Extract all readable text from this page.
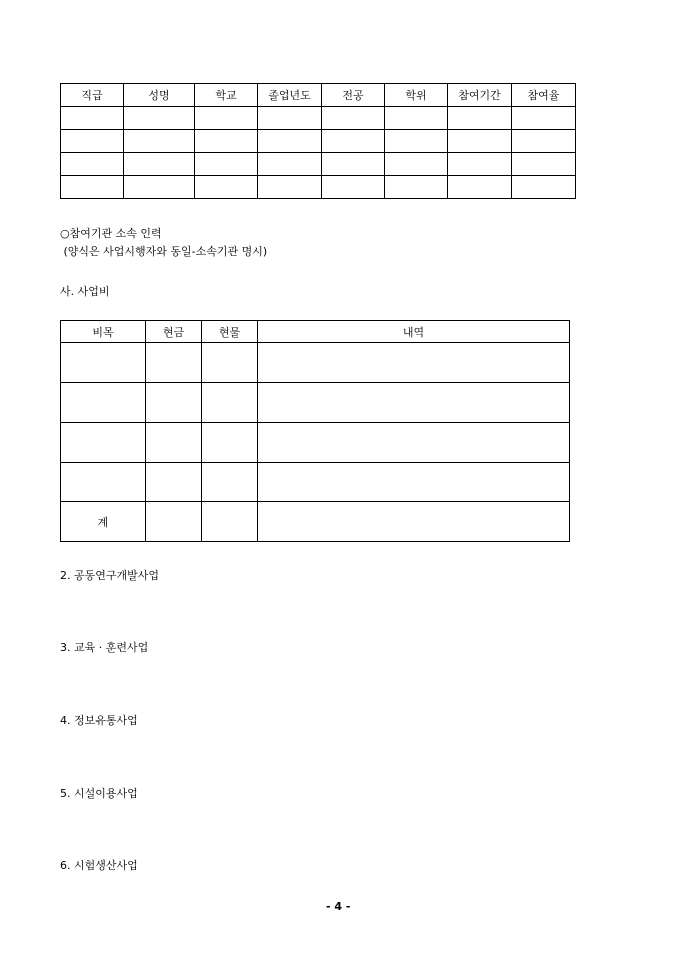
직급	성명	학교	졸업년도	전공	학위	참여기간	참여율

○참여기관 소속 인력
(양식은 사업시행자와 동일-소속기관 명시)
사. 사업비
비목	현금	현물	내역

계			
2. 공동연구개발사업
3. 교육 · 훈련사업
4. 정보유통사업
5. 시설이용사업
6. 시험생산사업
- 4 -
